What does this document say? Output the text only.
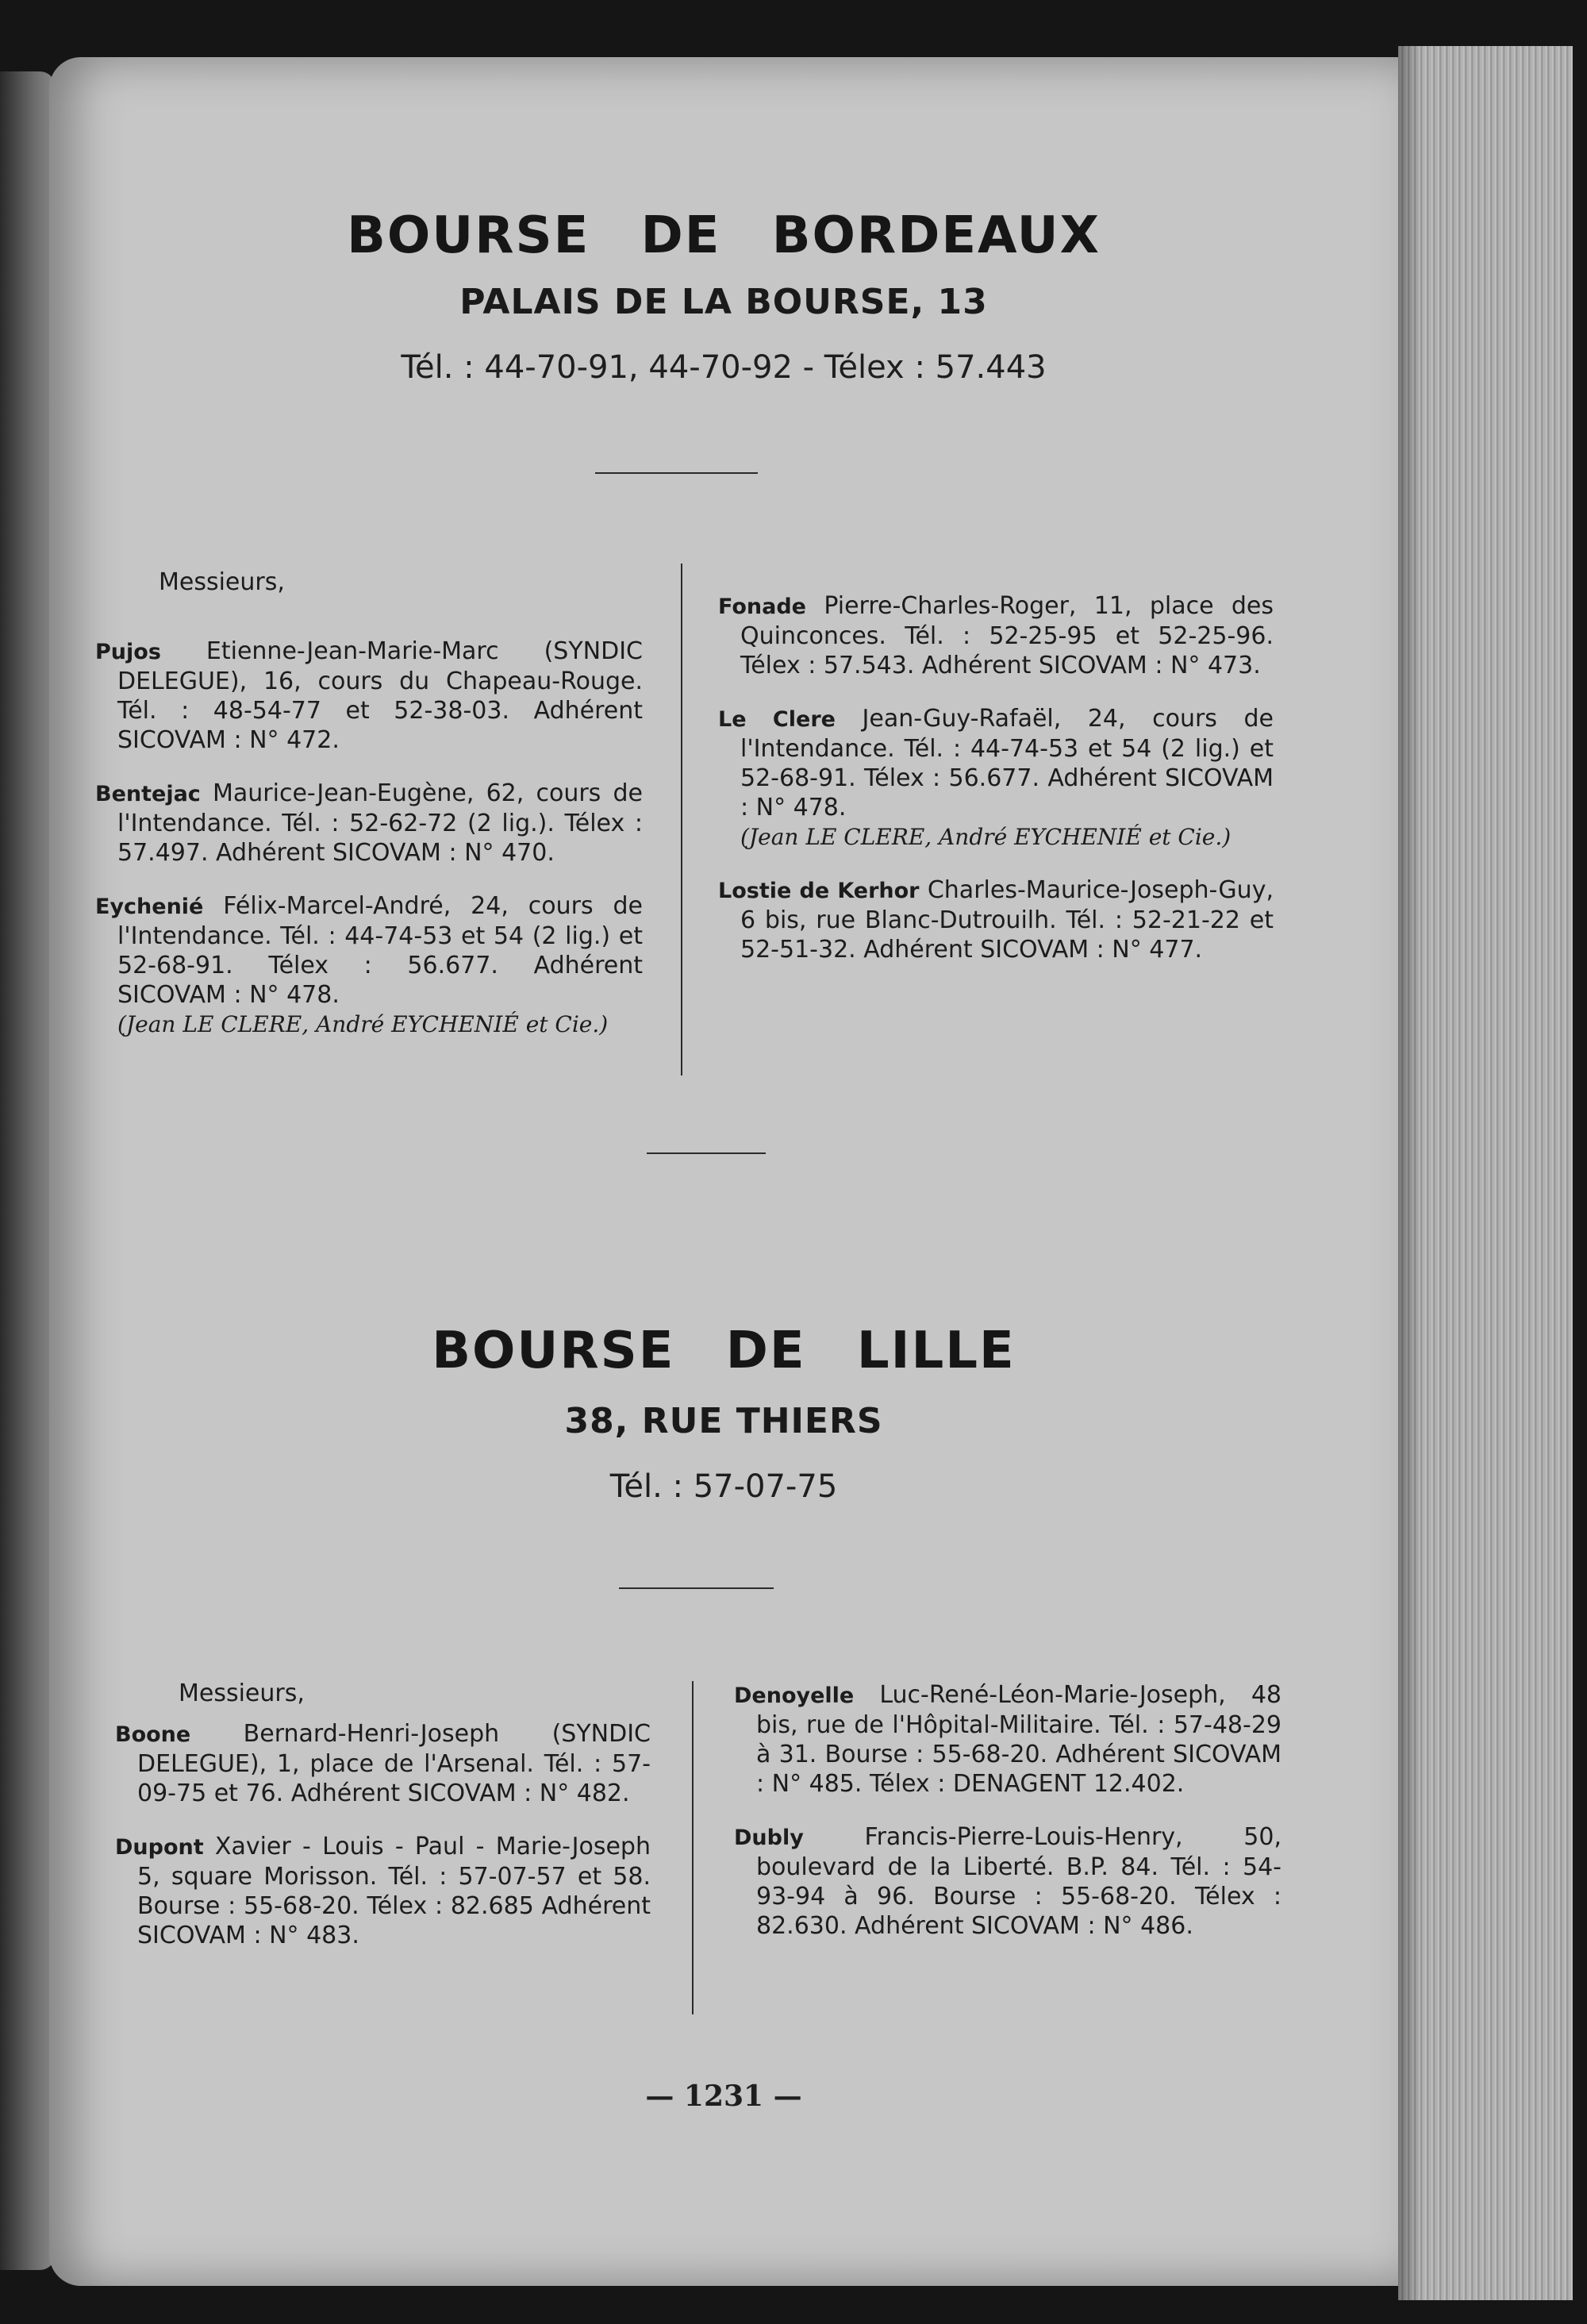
BOURSE DE BORDEAUX
PALAIS DE LA BOURSE, 13
Tél. : 44-70-91, 44-70-92 - Télex : 57.443

Messieurs,

Pujos Etienne-Jean-Marie-Marc (SYNDIC DELEGUE), 16, cours du Chapeau-Rouge. Tél. : 48-54-77 et 52-38-03. Adhérent SICOVAM : N° 472.

Bentejac Maurice-Jean-Eugène, 62, cours de l'Intendance. Tél. : 52-62-72 (2 lig.). Télex : 57.497. Adhérent SICOVAM : N° 470.

Eychenié Félix-Marcel-André, 24, cours de l'Intendance. Tél. : 44-74-53 et 54 (2 lig.) et 52-68-91. Télex : 56.677. Adhérent SICOVAM : N° 478.
(Jean LE CLERE, André EYCHENIÉ et Cie.)

Fonade Pierre-Charles-Roger, 11, place des Quinconces. Tél. : 52-25-95 et 52-25-96. Télex : 57.543. Adhérent SICOVAM : N° 473.

Le Clere Jean-Guy-Rafaël, 24, cours de l'Intendance. Tél. : 44-74-53 et 54 (2 lig.) et 52-68-91. Télex : 56.677. Adhérent SICOVAM : N° 478.
(Jean LE CLERE, André EYCHENIÉ et Cie.)

Lostie de Kerhor Charles-Maurice-Joseph-Guy, 6 bis, rue Blanc-Dutrouilh. Tél. : 52-21-22 et 52-51-32. Adhérent SICOVAM : N° 477.

BOURSE DE LILLE
38, RUE THIERS
Tél. : 57-07-75

Messieurs,

Boone Bernard-Henri-Joseph (SYNDIC DELEGUE), 1, place de l'Arsenal. Tél. : 57-09-75 et 76. Adhérent SICOVAM : N° 482.

Dupont Xavier - Louis - Paul - Marie-Joseph 5, square Morisson. Tél. : 57-07-57 et 58. Bourse : 55-68-20. Télex : 82.685 Adhérent SICOVAM : N° 483.

Denoyelle Luc-René-Léon-Marie-Joseph, 48 bis, rue de l'Hôpital-Militaire. Tél. : 57-48-29 à 31. Bourse : 55-68-20. Adhérent SICOVAM : N° 485. Télex : DENAGENT 12.402.

Dubly	Francis-Pierre-Louis-Henry, 50, boulevard de la Liberté. B.P. 84. Tél. : 54-93-94 à 96. Bourse : 55-68-20. Télex : 82.630. Adhérent SICOVAM : N° 486.

— 1231 —
